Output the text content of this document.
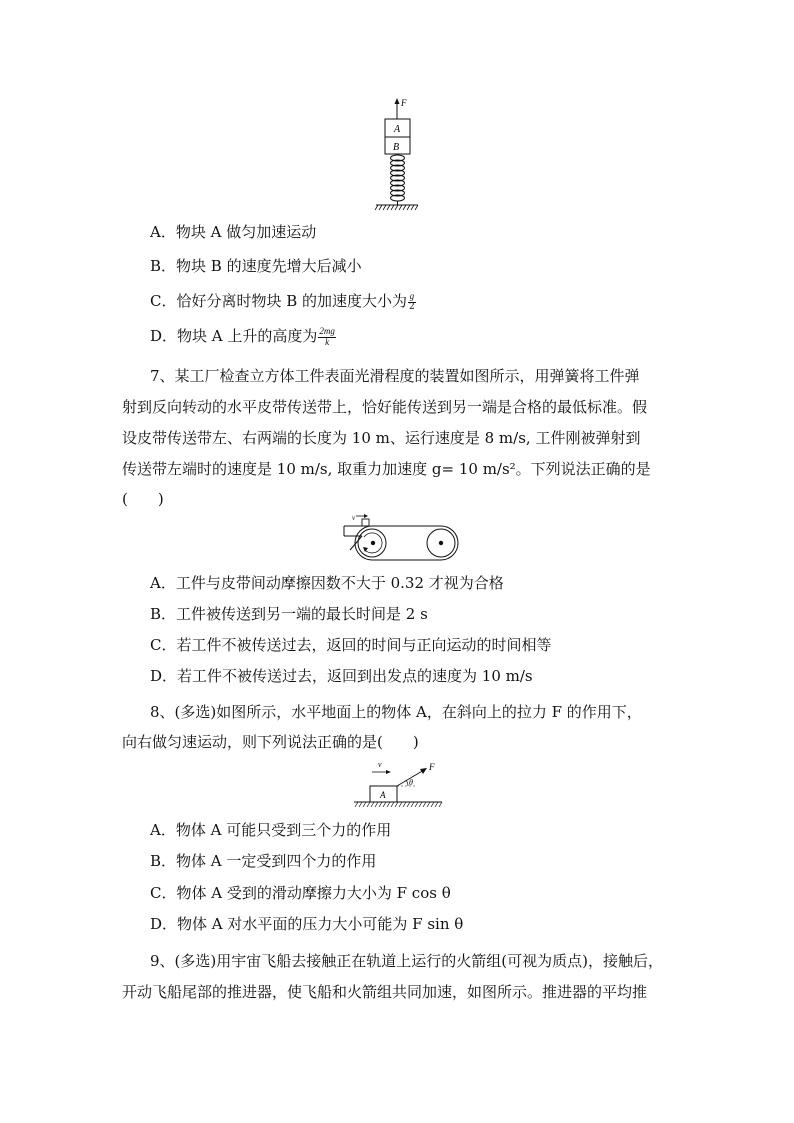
F
A
B
A．物块 A 做匀加速运动
B．物块 B 的速度先增大后减小
C．恰好分离时物块 B 的加速度大小为 $\frac{g}{2}$
D．物块 A 上升的高度为 $\frac{2mg}{k}$
7、某工厂检查立方体工件表面光滑程度的装置如图所示，用弹簧将工件弹
射到反向转动的水平皮带传送带上，恰好能传送到另一端是合格的最低标准。假
设皮带传送带左、右两端的长度为 10 m、运行速度是 8 m/s, 工件刚被弹射到
传送带左端时的速度是 10 m/s, 取重力加速度 g= 10 m/s²。下列说法正确的是
(　　)
v
A．工件与皮带间动摩擦因数不大于 0.32 才视为合格
B．工件被传送到另一端的最长时间是 2 s
C．若工件不被传送过去，返回的时间与正向运动的时间相等
D．若工件不被传送过去，返回到出发点的速度为 10 m/s
8、(多选)如图所示，水平地面上的物体 A，在斜向上的拉力 F 的作用下，
向右做匀速运动，则下列说法正确的是(　　)
v
A
F
θ
A．物体 A 可能只受到三个力的作用
B．物体 A 一定受到四个力的作用
C．物体 A 受到的滑动摩擦力大小为 F cos θ
D．物体 A 对水平面的压力大小可能为 F sin θ
9、(多选)用宇宙飞船去接触正在轨道上运行的火箭组(可视为质点)，接触后，
开动飞船尾部的推进器，使飞船和火箭组共同加速，如图所示。推进器的平均推
